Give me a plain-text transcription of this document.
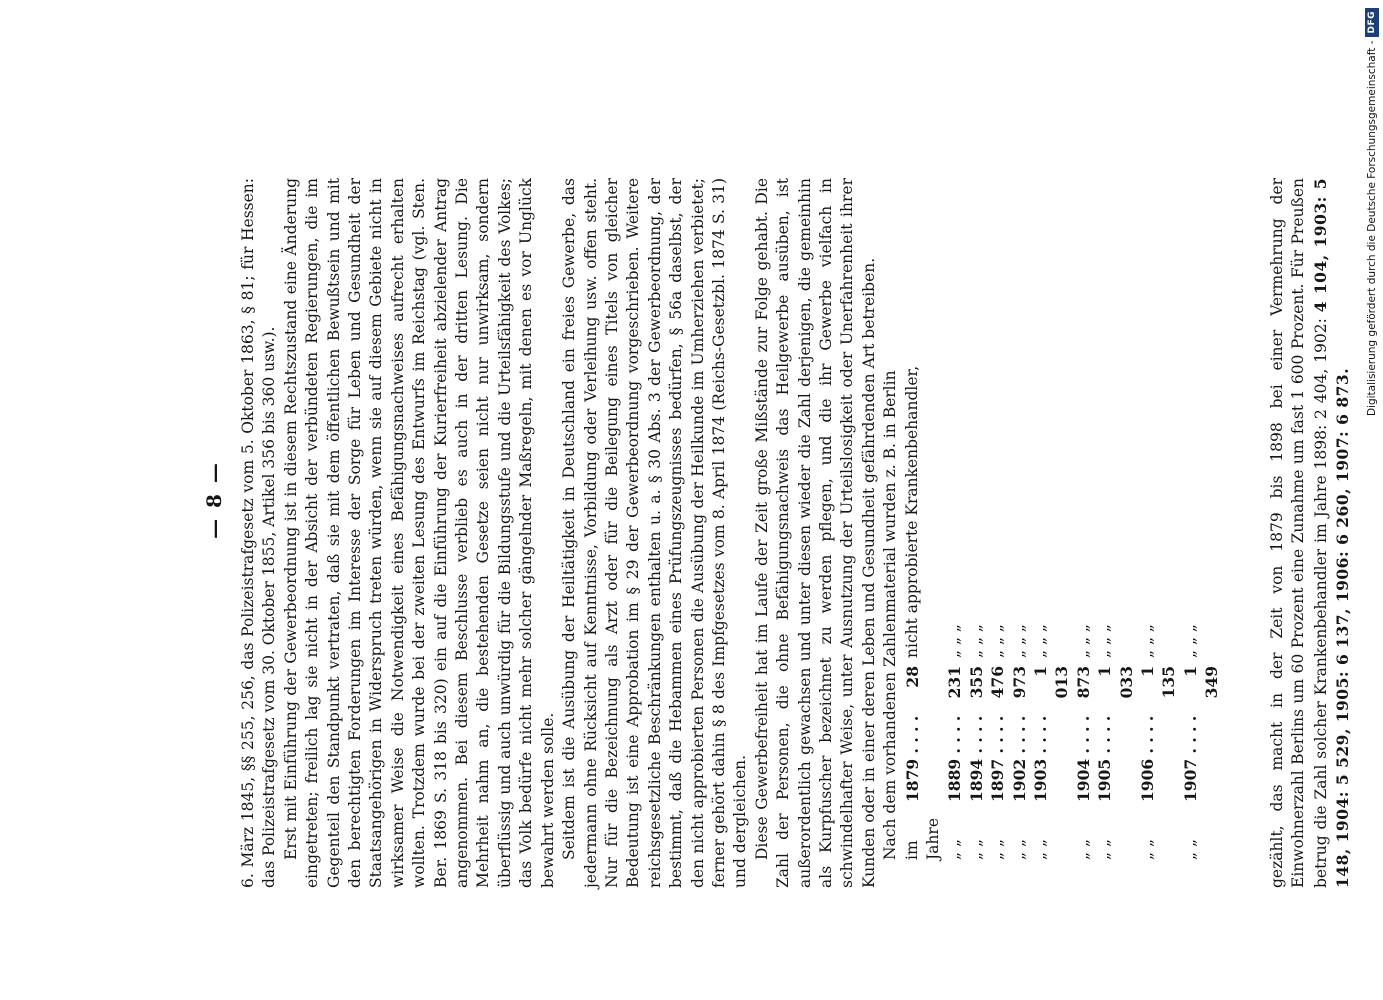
— 8 — 6. März 1845, §§ 255, 256, das Polizeistrafgesetz vom 5. Oktober 1863, § 81; für Hessen: das Polizeistrafgesetz vom 30. Oktober 1855, Artikel 356 bis 360 usw.). Erst mit Einführung der Gewerbeordnung ist in diesem Rechtszustand eine Änderung eingetreten; freilich lag sie nicht in der Absicht der verbündeten Regierungen, die im Gegenteil den Standpunkt vertraten, daß sie mit dem öffentlichen Bewußtsein und mit den berechtigten Forderungen im Interesse der Sorge für Leben und Gesundheit der Staatsangehörigen in Widerspruch treten würden, wenn sie auf diesem Gebiete nicht in wirksamer Weise die Notwendigkeit eines Befähigungsnachweises aufrecht erhalten wollten. Trotzdem wurde bei der zweiten Lesung des Entwurfs im Reichstag (vgl. Sten. Ber. 1869 S. 318 bis 320) ein auf die Einführung der Kurierfreiheit abzielender Antrag angenommen. Bei diesem Beschlusse verblieb es auch in der dritten Lesung. Die Mehrheit nahm an, die bestehenden Gesetze seien nicht nur unwirksam, sondern überflüssig und auch unwürdig für die Bildungsstufe und die Urteilsfähigkeit des Volkes; das Volk bedürfe nicht mehr solcher gängelnder Maßregeln, mit denen es vor Unglück bewahrt werden solle. Seitdem ist die Ausübung der Heiltätigkeit in Deutschland ein freies Gewerbe, das jedermann ohne Rücksicht auf Kenntnisse, Vorbildung oder Verleihung usw. offen steht. Nur für die Bezeichnung als Arzt oder für die Beilegung eines Titels von gleicher Bedeutung ist eine Approbation im § 29 der Gewerbeordnung vorgeschrieben. Weitere reichsgesetzliche Beschränkungen enthalten u. a. § 30 Abs. 3 der Gewerbeordnung, der bestimmt, daß die Hebammen eines Prüfungszeugnisses bedürfen, § 56a daselbst, der den nicht approbierten Personen die Ausübung der Heilkunde im Umherziehen verbietet; ferner gehört dahin § 8 des Impfgesetzes vom 8. April 1874 (Reichs-Gesetzbl. 1874 S. 31) und dergleichen. Diese Gewerbefreiheit hat im Laufe der Zeit große Mißstände zur Folge gehabt. Die Zahl der Personen, die ohne Befähigungsnachweis das Heilgewerbe ausüben, ist außerordentlich gewachsen und unter diesen wieder die Zahl derjenigen, die gemeinhin als Kurpfuscher bezeichnet zu werden pflegen, und die ihr Gewerbe vielfach in schwindelhafter Weise, unter Ausnutzung der Urteilslosigkeit oder Unerfahrenheit ihrer Kunden oder in einer deren Leben und Gesundheit gefährdenden Art betreiben. Nach dem vorhandenen Zahlenmaterial wurden z. B. in Berlin im Jahre	1879 . . . .	28	nicht approbierte Krankenbehandler,
„ „	1889 . . . .	231	„ „ „
„ „	1894 . . . .	355	„ „ „
„ „	1897 . . . .	476	„ „ „
„ „	1902 . . . .	973	„ „ „
„ „	1903 . . . .	1 013	„ „ „
„ „	1904 . . . .	873	„ „ „
„ „	1905 . . . .	1 033	„ „ „
„ „	1906 . . . .	1 135	„ „ „
„ „	1907 . . . .	1 349	„ „ „	gezählt, das macht in der Zeit von 1879 bis 1898 bei einer Vermehrung der Einwohnerzahl Berlins um 60 Prozent eine Zunahme um fast 1 600 Prozent. Für Preußen betrug die Zahl solcher Krankenbehandler im Jahre 1898: 2 404, 1902: 4 104, 1903: 5 148, 1904: 5 529, 1905: 6 137, 1906: 6 260, 1907: 6 873.

Digitalisierung gefördert durch die Deutsche Forschungsgemeinschaft -
DFG
